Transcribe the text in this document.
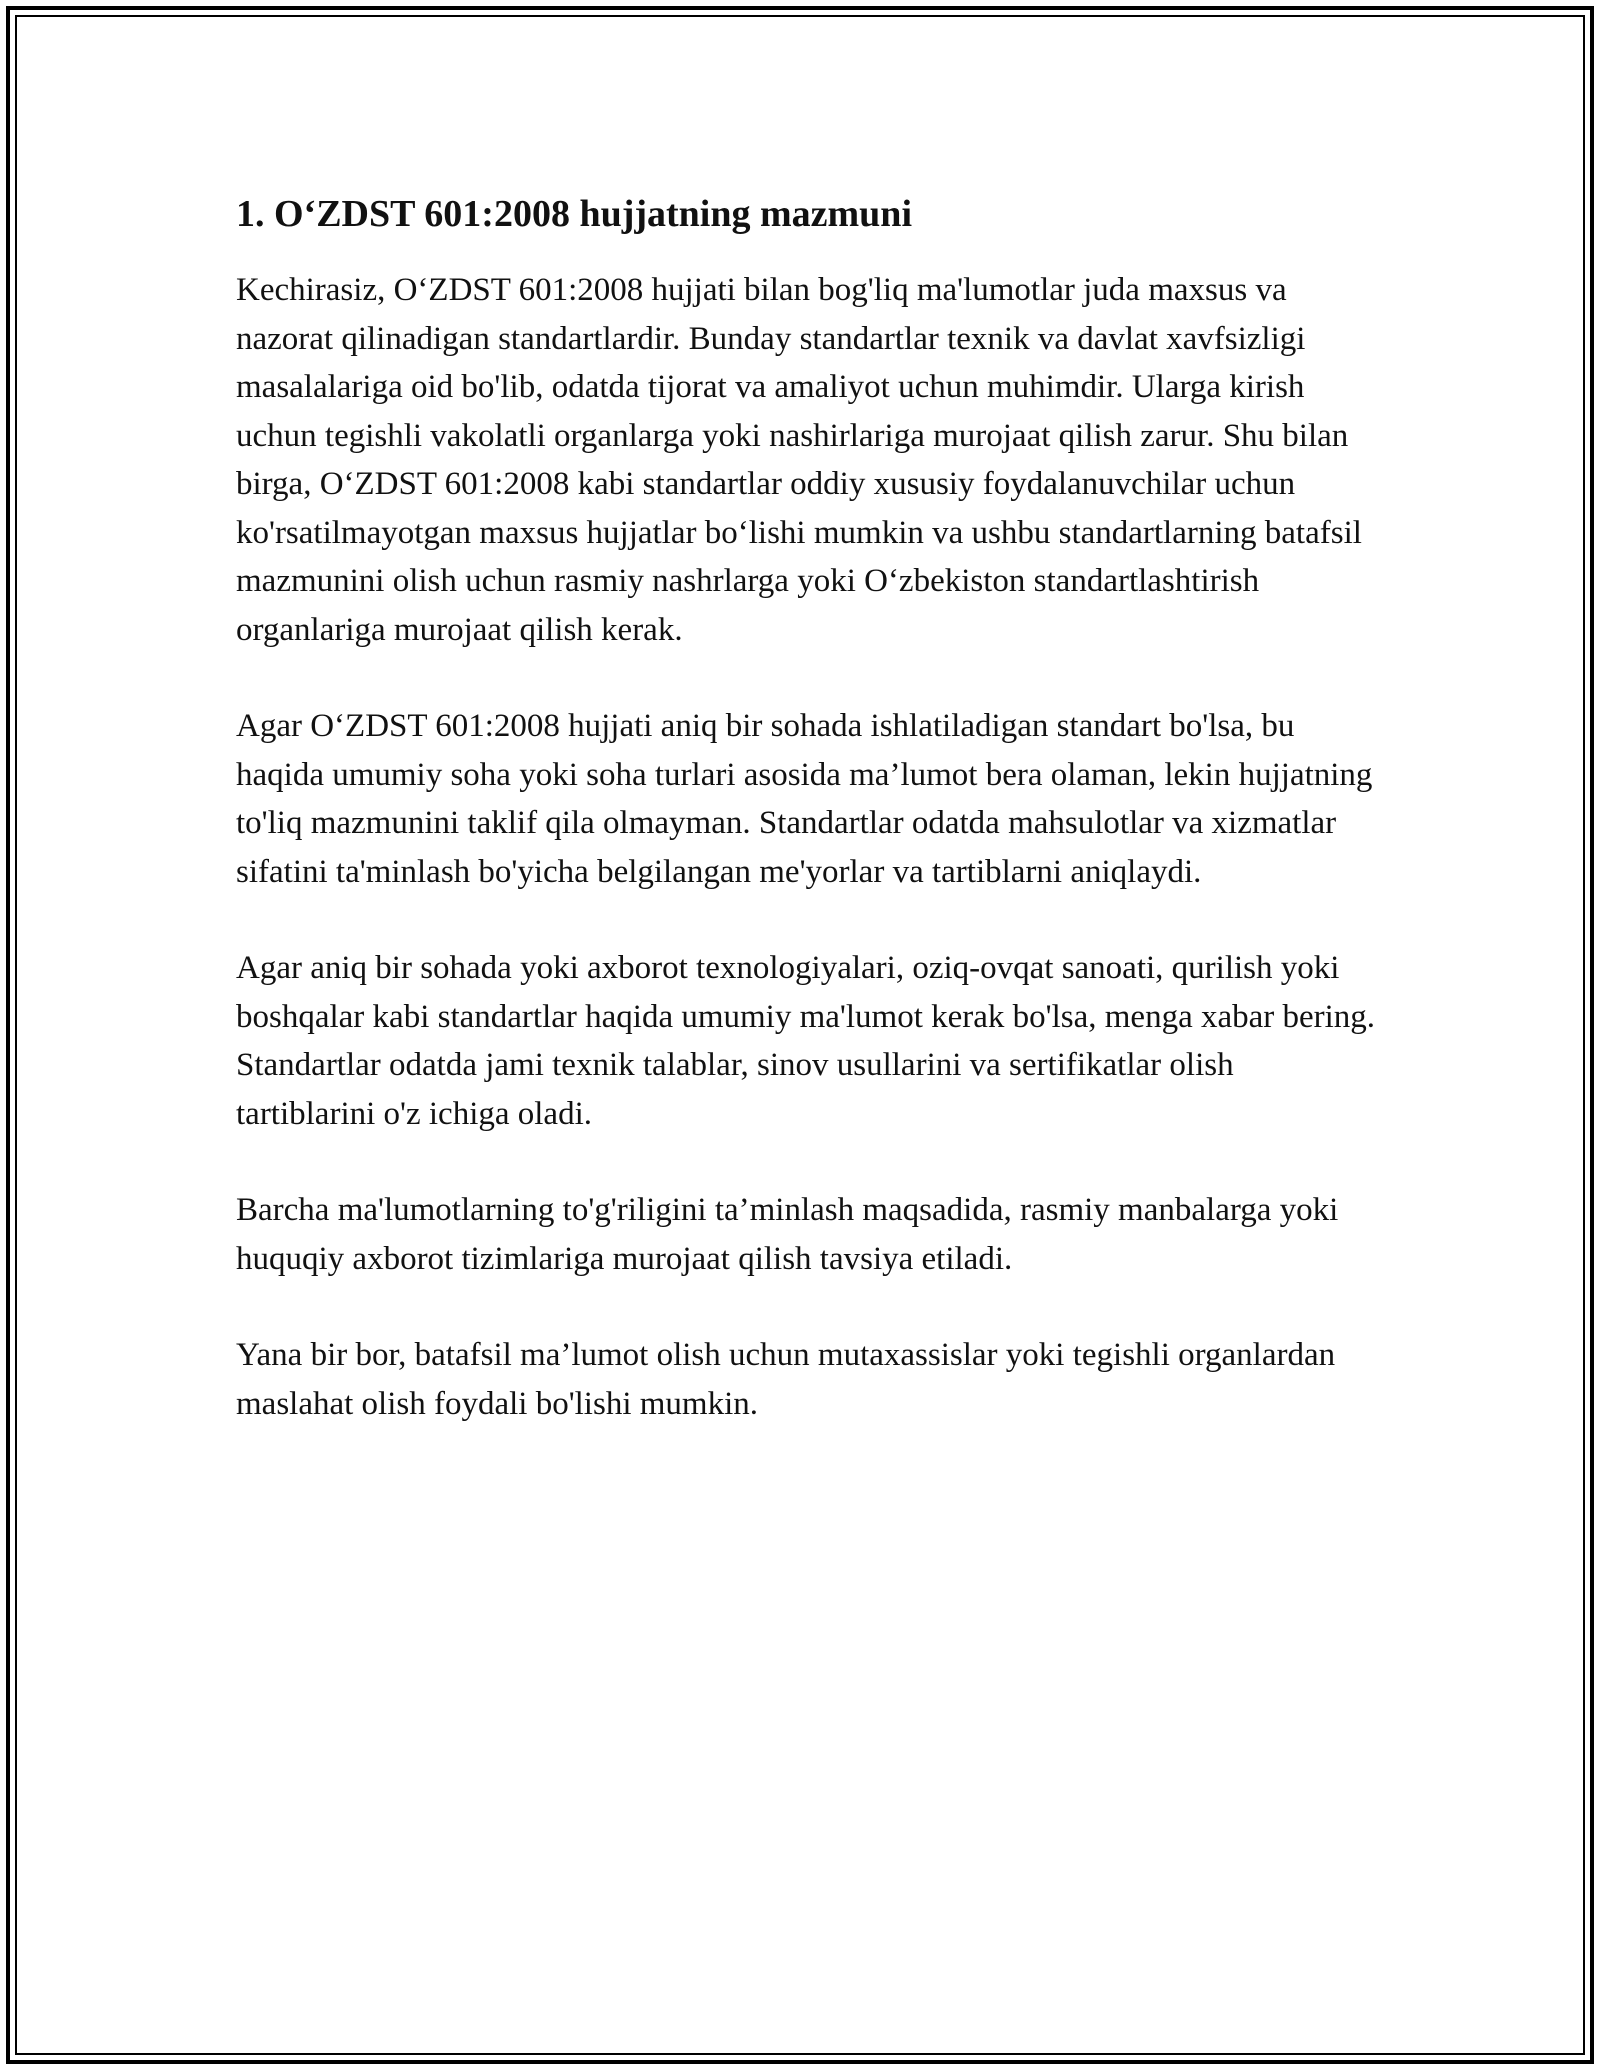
1. O‘ZDST 601:2008 hujjatning mazmuni

Kechirasiz, O‘ZDST 601:2008 hujjati bilan bog'liq ma'lumotlar juda maxsus va nazorat qilinadigan standartlardir. Bunday standartlar texnik va davlat xavfsizligi masalalariga oid bo'lib, odatda tijorat va amaliyot uchun muhimdir. Ularga kirish uchun tegishli vakolatli organlarga yoki nashirlariga murojaat qilish zarur. Shu bilan birga, O‘ZDST 601:2008 kabi standartlar oddiy xususiy foydalanuvchilar uchun ko'rsatilmayotgan maxsus hujjatlar bo‘lishi mumkin va ushbu standartlarning batafsil mazmunini olish uchun rasmiy nashrlarga yoki O‘zbekiston standartlashtirish organlariga murojaat qilish kerak.

Agar O‘ZDST 601:2008 hujjati aniq bir sohada ishlatiladigan standart bo'lsa, bu haqida umumiy soha yoki soha turlari asosida ma’lumot bera olaman, lekin hujjatning to'liq mazmunini taklif qila olmayman. Standartlar odatda mahsulotlar va xizmatlar sifatini ta'minlash bo'yicha belgilangan me'yorlar va tartiblarni aniqlaydi.

Agar aniq bir sohada yoki axborot texnologiyalari, oziq-ovqat sanoati, qurilish yoki boshqalar kabi standartlar haqida umumiy ma'lumot kerak bo'lsa, menga xabar bering. Standartlar odatda jami texnik talablar, sinov usullarini va sertifikatlar olish tartiblarini o'z ichiga oladi.

Barcha ma'lumotlarning to'g'riligini ta’minlash maqsadida, rasmiy manbalarga yoki huquqiy axborot tizimlariga murojaat qilish tavsiya etiladi.

Yana bir bor, batafsil ma’lumot olish uchun mutaxassislar yoki tegishli organlardan maslahat olish foydali bo'lishi mumkin.
